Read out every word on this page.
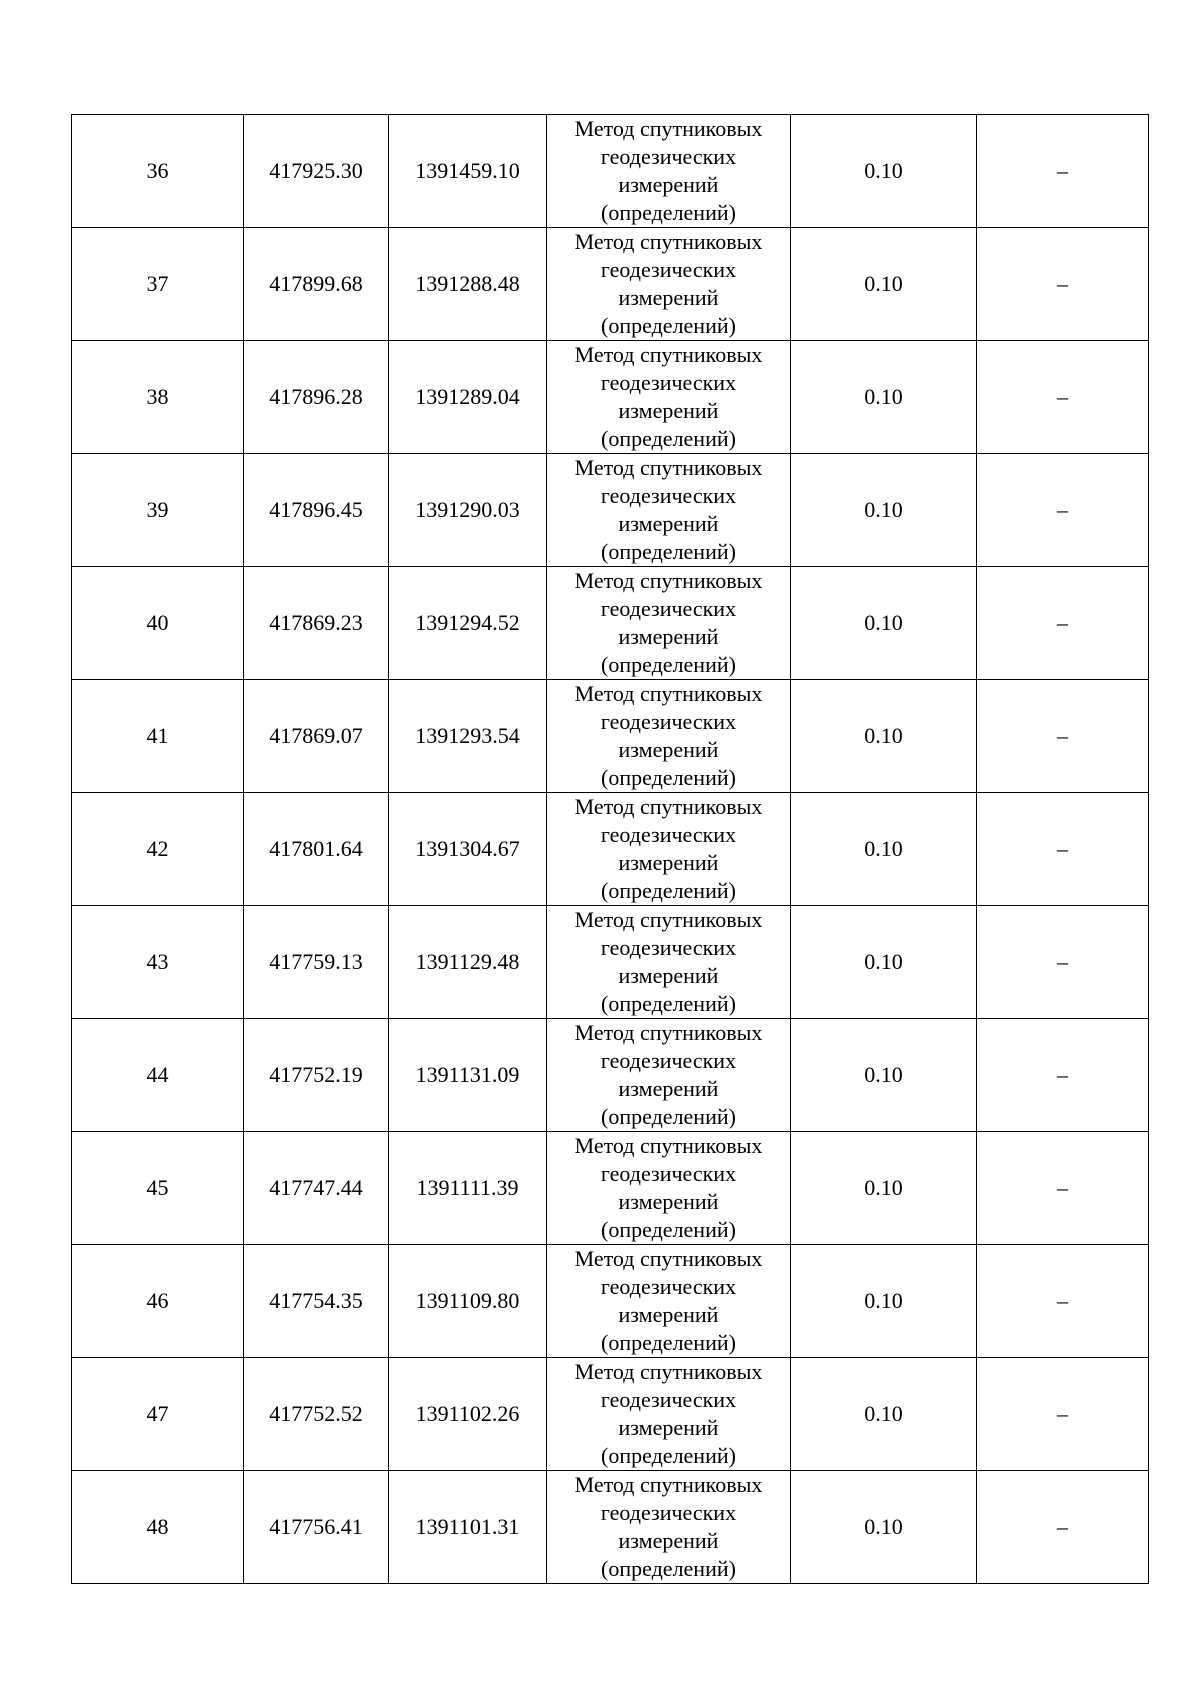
36	417925.30	1391459.10	Метод спутниковых
геодезических
измерений
(определений)	0.10	–
37	417899.68	1391288.48	Метод спутниковых
геодезических
измерений
(определений)	0.10	–
38	417896.28	1391289.04	Метод спутниковых
геодезических
измерений
(определений)	0.10	–
39	417896.45	1391290.03	Метод спутниковых
геодезических
измерений
(определений)	0.10	–
40	417869.23	1391294.52	Метод спутниковых
геодезических
измерений
(определений)	0.10	–
41	417869.07	1391293.54	Метод спутниковых
геодезических
измерений
(определений)	0.10	–
42	417801.64	1391304.67	Метод спутниковых
геодезических
измерений
(определений)	0.10	–
43	417759.13	1391129.48	Метод спутниковых
геодезических
измерений
(определений)	0.10	–
44	417752.19	1391131.09	Метод спутниковых
геодезических
измерений
(определений)	0.10	–
45	417747.44	1391111.39	Метод спутниковых
геодезических
измерений
(определений)	0.10	–
46	417754.35	1391109.80	Метод спутниковых
геодезических
измерений
(определений)	0.10	–
47	417752.52	1391102.26	Метод спутниковых
геодезических
измерений
(определений)	0.10	–
48	417756.41	1391101.31	Метод спутниковых
геодезических
измерений
(определений)	0.10	–
